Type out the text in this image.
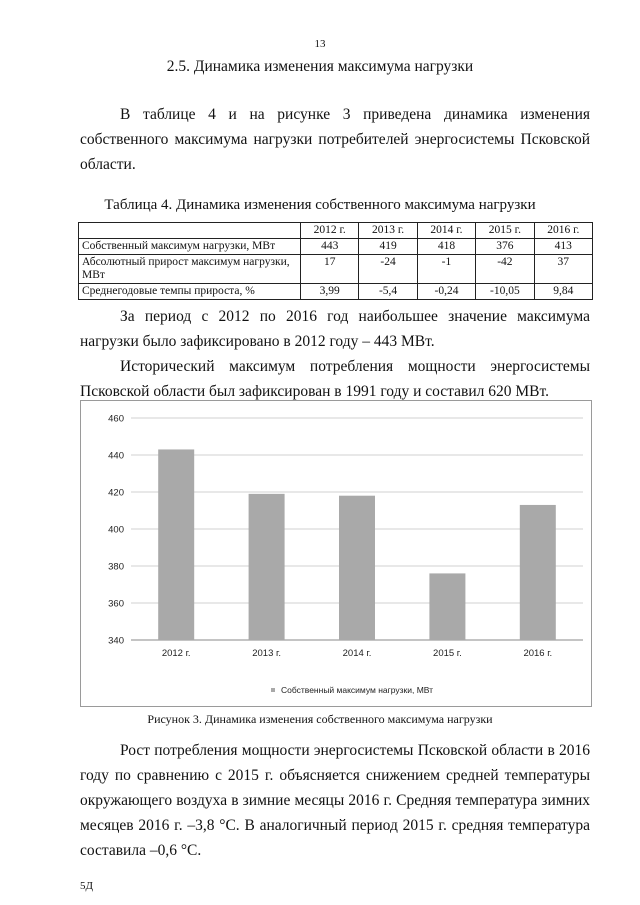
13
2.5. Динамика изменения максимума нагрузки

В таблице 4 и на рисунке 3 приведена динамика изменения собственного максимума нагрузки потребителей энергосистемы Псковской области.

Таблица 4. Динамика изменения собственного максимума нагрузки
	2012 г.	2013 г.	2014 г.	2015 г.	2016 г.
Собственный максимум нагрузки, МВт	443	419	418	376	413
Абсолютный прирост максимум нагрузки, МВт	17	-24	-1	-42	37
Среднегодовые темпы прироста, %	3,99	-5,4	-0,24	-10,05	9,84

За период с 2012 по 2016 год наибольшее значение максимума нагрузки было зафиксировано в 2012 году – 443 МВт.

Исторический максимум потребления мощности энергосистемы Псковской области был зафиксирован в 1991 году и составил 620 МВт.

340
360
380
400
420
440
460
2012 г.	2013 г.	2014 г.	2015 г.	2016 г.
Собственный максимум нагрузки, МВт
Рисунок 3. Динамика изменения собственного максимума нагрузки

Рост потребления мощности энергосистемы Псковской области в 2016 году по сравнению с 2015 г. объясняется снижением средней температуры окружающего воздуха в зимние месяцы 2016 г. Средняя температура зимних месяцев 2016 г. –3,8 °С. В аналогичный период 2015 г. средняя температура составила –0,6 °С.

5Д
